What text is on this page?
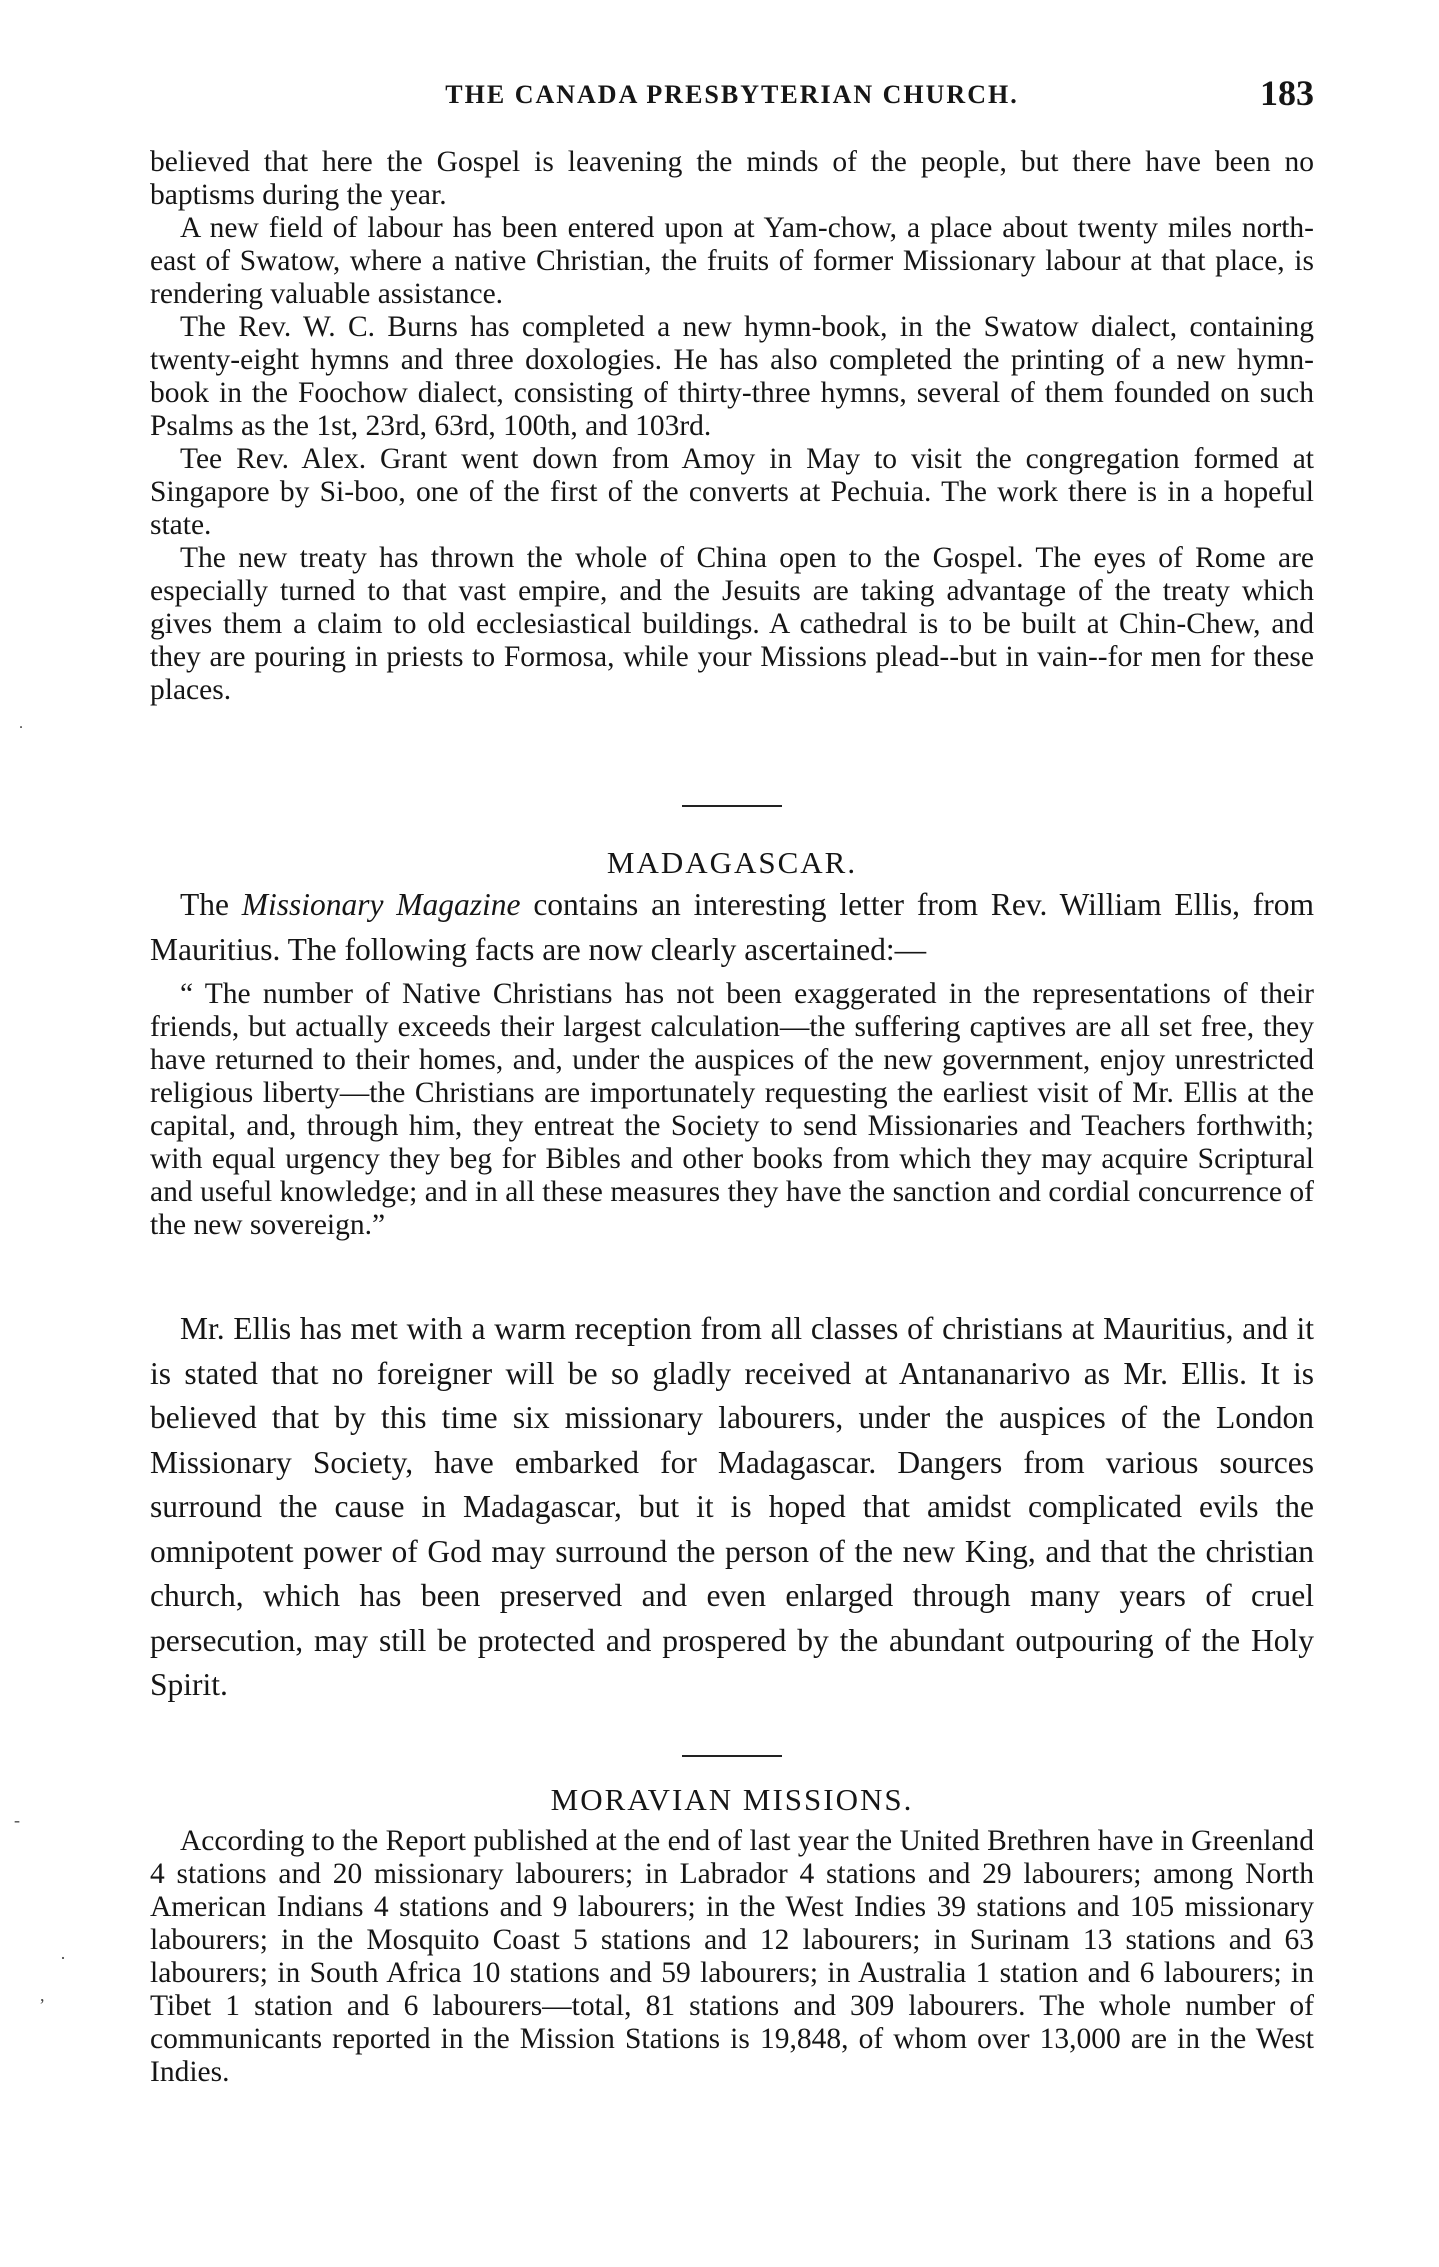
THE CANADA PRESBYTERIAN CHURCH.	183

believed that here the Gospel is leavening the minds of the people, but there have been no baptisms during the year.

A new field of labour has been entered upon at Yam-chow, a place about twenty miles north-east of Swatow, where a native Christian, the fruits of former Missionary labour at that place, is rendering valuable assistance.

The Rev. W. C. Burns has completed a new hymn-book, in the Swatow dialect, containing twenty-eight hymns and three doxologies. He has also completed the printing of a new hymn-book in the Foochow dialect, consisting of thirty-three hymns, several of them founded on such Psalms as the 1st, 23rd, 63rd, 100th, and 103rd.

Tee Rev. Alex. Grant went down from Amoy in May to visit the congregation formed at Singapore by Si-boo, one of the first of the converts at Pechuia. The work there is in a hopeful state.

The new treaty has thrown the whole of China open to the Gospel. The eyes of Rome are especially turned to that vast empire, and the Jesuits are taking advantage of the treaty which gives them a claim to old ecclesiastical buildings. A cathedral is to be built at Chin-Chew, and they are pouring in priests to Formosa, while your Missions plead--but in vain--for men for these places.

MADAGASCAR.

The Missionary Magazine contains an interesting letter from Rev. William Ellis, from Mauritius. The following facts are now clearly ascertained:—

“ The number of Native Christians has not been exaggerated in the representations of their friends, but actually exceeds their largest calculation—the suffering captives are all set free, they have returned to their homes, and, under the auspices of the new government, enjoy unrestricted religious liberty—the Christians are importunately requesting the earliest visit of Mr. Ellis at the capital, and, through him, they entreat the Society to send Missionaries and Teachers forthwith; with equal urgency they beg for Bibles and other books from which they may acquire Scriptural and useful knowledge; and in all these measures they have the sanction and cordial concurrence of the new sovereign.”

Mr. Ellis has met with a warm reception from all classes of christians at Mauritius, and it is stated that no foreigner will be so gladly received at Antananarivo as Mr. Ellis. It is believed that by this time six missionary labourers, under the auspices of the London Missionary Society, have embarked for Madagascar. Dangers from various sources surround the cause in Madagascar, but it is hoped that amidst complicated evils the omnipotent power of God may surround the person of the new King, and that the christian church, which has been preserved and even enlarged through many years of cruel persecution, may still be protected and prospered by the abundant outpouring of the Holy Spirit.

MORAVIAN MISSIONS.

According to the Report published at the end of last year the United Brethren have in Greenland 4 stations and 20 missionary labourers; in Labrador 4 stations and 29 labourers; among North American Indians 4 stations and 9 labourers; in the West Indies 39 stations and 105 missionary labourers; in the Mosquito Coast 5 stations and 12 labourers; in Surinam 13 stations and 63 labourers; in South Africa 10 stations and 59 labourers; in Australia 1 station and 6 labourers; in Tibet 1 station and 6 labourers—total, 81 stations and 309 labourers. The whole number of communicants reported in the Mission Stations is 19,848, of whom over 13,000 are in the West Indies.

˙
-
·
,
